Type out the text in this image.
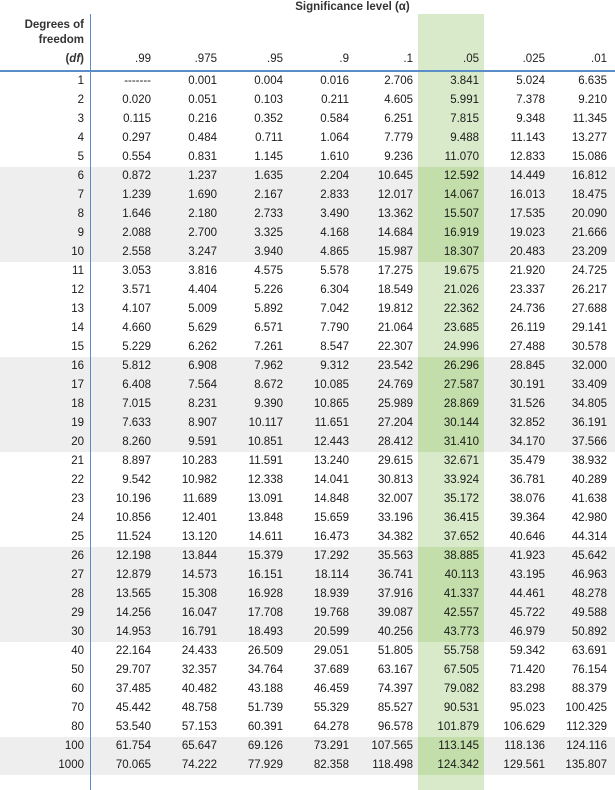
Significance level (α)
Degrees of
freedom
(df)	.99	.975	.95	.9	.1	.05	.025	.01
1	-------	0.001	0.004	0.016	2.706	3.841	5.024	6.635
2	0.020	0.051	0.103	0.211	4.605	5.991	7.378	9.210
3	0.115	0.216	0.352	0.584	6.251	7.815	9.348	11.345
4	0.297	0.484	0.711	1.064	7.779	9.488	11.143	13.277
5	0.554	0.831	1.145	1.610	9.236	11.070	12.833	15.086
6	0.872	1.237	1.635	2.204	10.645	12.592	14.449	16.812
7	1.239	1.690	2.167	2.833	12.017	14.067	16.013	18.475
8	1.646	2.180	2.733	3.490	13.362	15.507	17.535	20.090
9	2.088	2.700	3.325	4.168	14.684	16.919	19.023	21.666
10	2.558	3.247	3.940	4.865	15.987	18.307	20.483	23.209
11	3.053	3.816	4.575	5.578	17.275	19.675	21.920	24.725
12	3.571	4.404	5.226	6.304	18.549	21.026	23.337	26.217
13	4.107	5.009	5.892	7.042	19.812	22.362	24.736	27.688
14	4.660	5.629	6.571	7.790	21.064	23.685	26.119	29.141
15	5.229	6.262	7.261	8.547	22.307	24.996	27.488	30.578
16	5.812	6.908	7.962	9.312	23.542	26.296	28.845	32.000
17	6.408	7.564	8.672	10.085	24.769	27.587	30.191	33.409
18	7.015	8.231	9.390	10.865	25.989	28.869	31.526	34.805
19	7.633	8.907	10.117	11.651	27.204	30.144	32.852	36.191
20	8.260	9.591	10.851	12.443	28.412	31.410	34.170	37.566
21	8.897	10.283	11.591	13.240	29.615	32.671	35.479	38.932
22	9.542	10.982	12.338	14.041	30.813	33.924	36.781	40.289
23	10.196	11.689	13.091	14.848	32.007	35.172	38.076	41.638
24	10.856	12.401	13.848	15.659	33.196	36.415	39.364	42.980
25	11.524	13.120	14.611	16.473	34.382	37.652	40.646	44.314
26	12.198	13.844	15.379	17.292	35.563	38.885	41.923	45.642
27	12.879	14.573	16.151	18.114	36.741	40.113	43.195	46.963
28	13.565	15.308	16.928	18.939	37.916	41.337	44.461	48.278
29	14.256	16.047	17.708	19.768	39.087	42.557	45.722	49.588
30	14.953	16.791	18.493	20.599	40.256	43.773	46.979	50.892
40	22.164	24.433	26.509	29.051	51.805	55.758	59.342	63.691
50	29.707	32.357	34.764	37.689	63.167	67.505	71.420	76.154
60	37.485	40.482	43.188	46.459	74.397	79.082	83.298	88.379
70	45.442	48.758	51.739	55.329	85.527	90.531	95.023	100.425
80	53.540	57.153	60.391	64.278	96.578	101.879	106.629	112.329
100	61.754	65.647	69.126	73.291	107.565	113.145	118.136	124.116
1000	70.065	74.222	77.929	82.358	118.498	124.342	129.561	135.807
